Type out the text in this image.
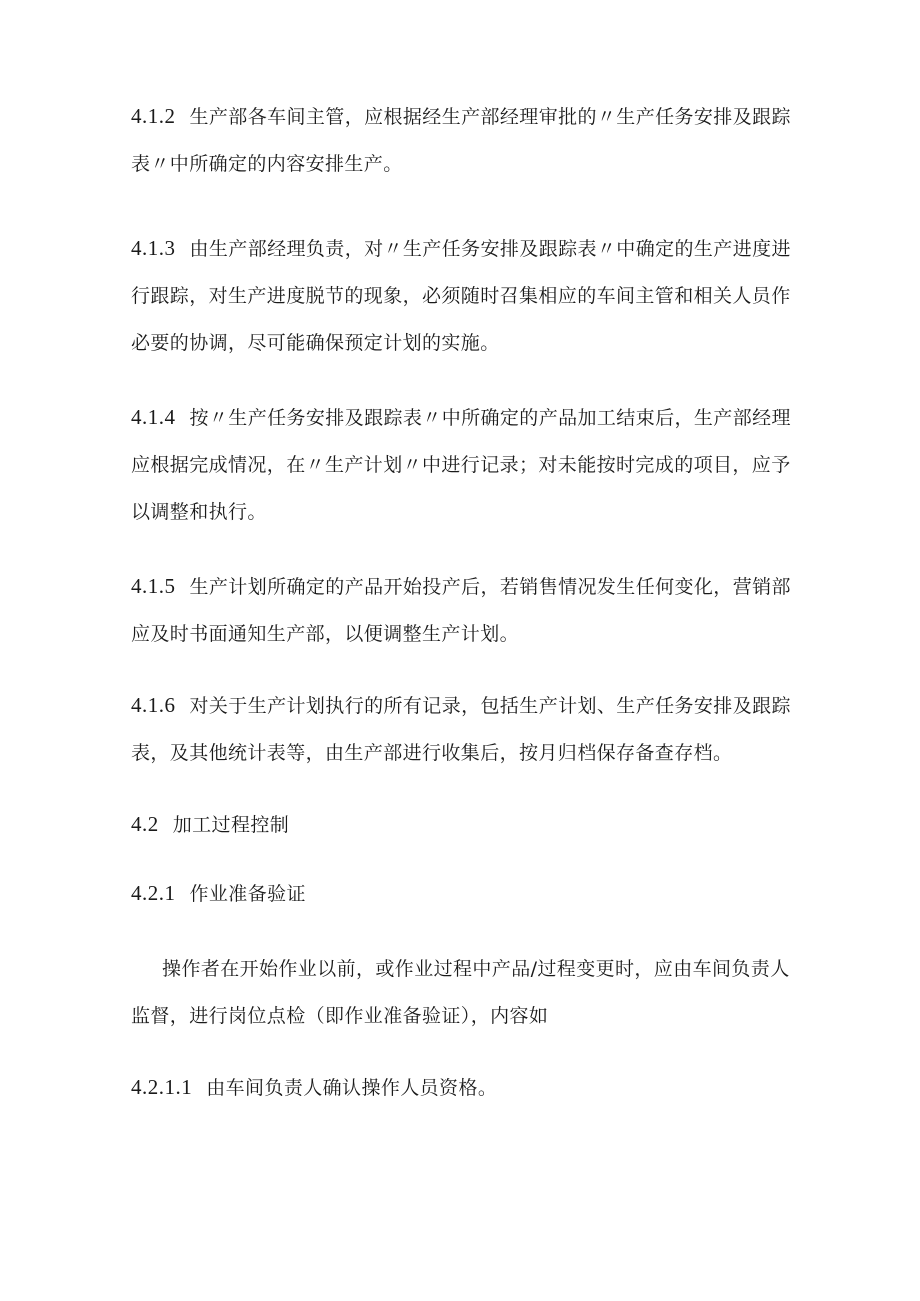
4.1.2 生产部各车间主管，应根据经生产部经理审批的〃生产任务安排及跟踪表〃中所确定的内容安排生产。

4.1.3 由生产部经理负责，对〃生产任务安排及跟踪表〃中确定的生产进度进行跟踪，对生产进度脱节的现象，必须随时召集相应的车间主管和相关人员作必要的协调，尽可能确保预定计划的实施。

4.1.4 按〃生产任务安排及跟踪表〃中所确定的产品加工结束后，生产部经理应根据完成情况，在〃生产计划〃中进行记录；对未能按时完成的项目，应予以调整和执行。

4.1.5 生产计划所确定的产品开始投产后，若销售情况发生任何变化，营销部应及时书面通知生产部，以便调整生产计划。

4.1.6 对关于生产计划执行的所有记录，包括生产计划、生产任务安排及跟踪表，及其他统计表等，由生产部进行收集后，按月归档保存备查存档。

4.2 加工过程控制

4.2.1 作业准备验证

操作者在开始作业以前，或作业过程中产品/过程变更时，应由车间负责人监督，进行岗位点检（即作业准备验证），内容如

4.2.1.1 由车间负责人确认操作人员资格。
